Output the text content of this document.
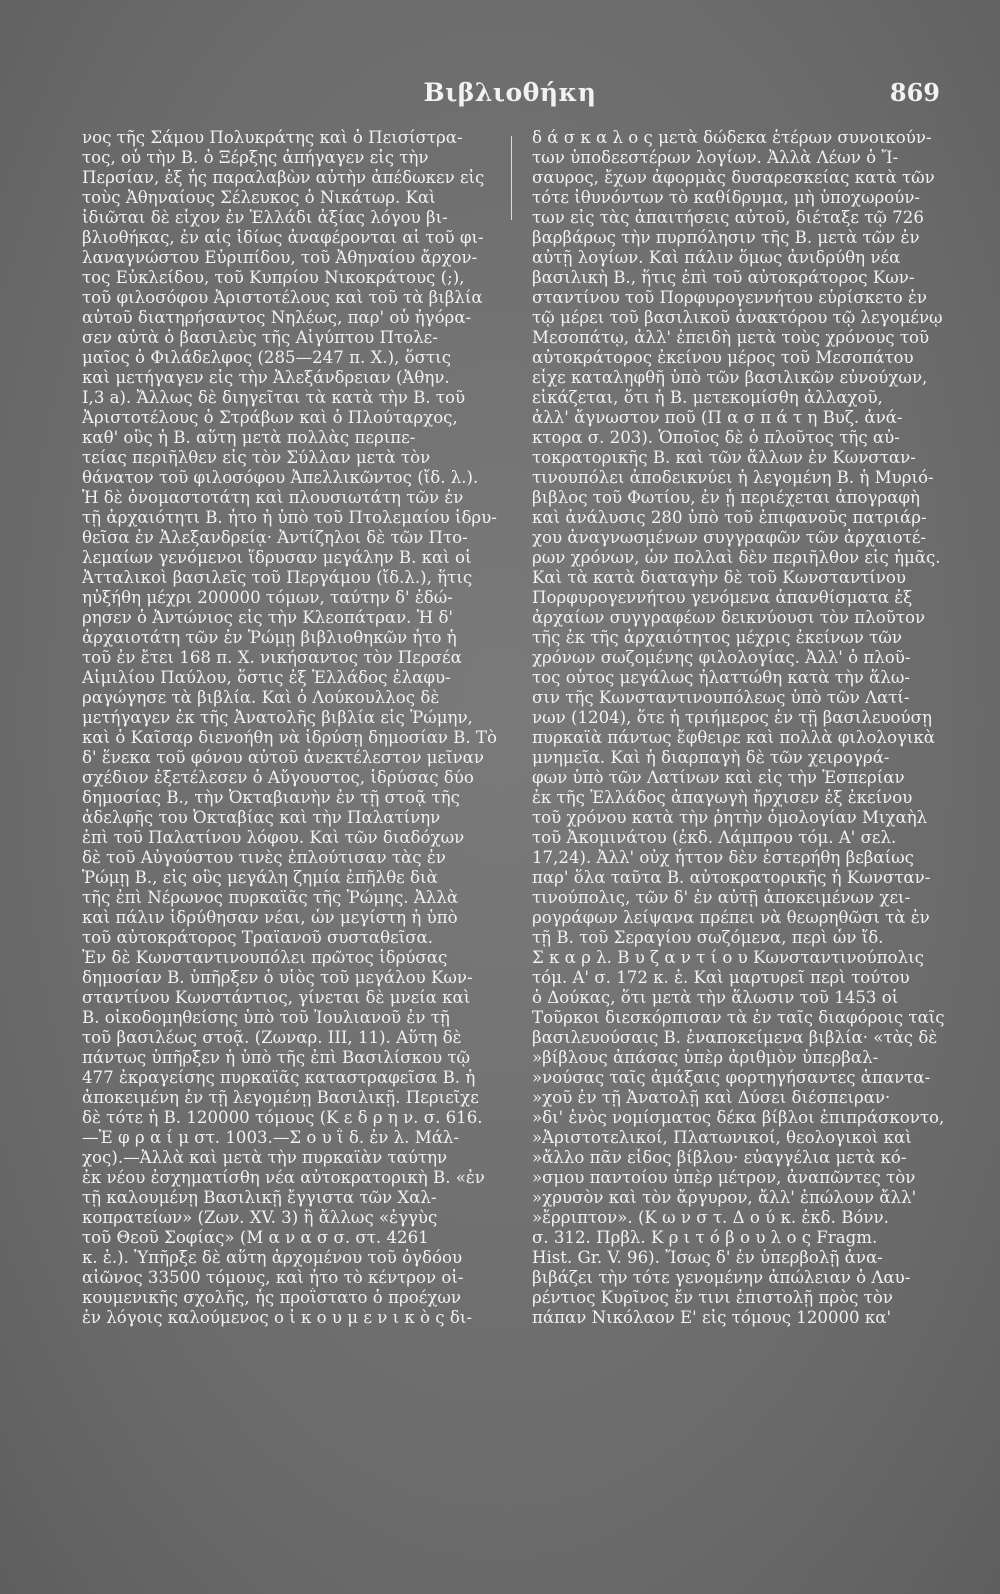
Βιβλιοθήκη	869
νος τῆς Σάμου Πολυκράτης καὶ ὁ Πεισίστρα-
τος, οὗ τὴν Β. ὁ Ξέρξης ἀπήγαγεν εἰς τὴν
Περσίαν, ἐξ ἧς παραλαβὼν αὐτὴν ἀπέδωκεν εἰς
τοὺς Ἀθηναίους Σέλευκος ὁ Νικάτωρ. Καὶ
ἰδιῶται δὲ εἶχον ἐν Ἑλλάδι ἀξίας λόγου βι-
βλιοθήκας, ἐν αἷς ἰδίως ἀναφέρονται αἱ τοῦ φι-
λαναγνώστου Εὐριπίδου, τοῦ Ἀθηναίου ἄρχον-
τος Εὐκλείδου, τοῦ Κυπρίου Νικοκράτους (;),
τοῦ φιλοσόφου Ἀριστοτέλους καὶ τοῦ τὰ βιβλία
αὐτοῦ διατηρήσαντος Νηλέως, παρ' οὗ ἠγόρα-
σεν αὐτὰ ὁ βασιλεὺς τῆς Αἰγύπτου Πτολε-
μαῖος ὁ Φιλάδελφος (285—247 π. Χ.), ὅστις
καὶ μετήγαγεν εἰς τὴν Ἀλεξάνδρειαν (Ἀθην.
Ι,3 a). Ἄλλως δὲ διηγεῖται τὰ κατὰ τὴν Β. τοῦ
Ἀριστοτέλους ὁ Στράβων καὶ ὁ Πλούταρχος,
καθ' οὓς ἡ Β. αὕτη μετὰ πολλὰς περιπε-
τείας περιῆλθεν εἰς τὸν Σύλλαν μετὰ τὸν
θάνατον τοῦ φιλοσόφου Ἀπελλικῶντος (ἴδ. λ.).
Ἡ δὲ ὀνομαστοτάτη καὶ πλουσιωτάτη τῶν ἐν
τῇ ἀρχαιότητι Β. ἦτο ἡ ὑπὸ τοῦ Πτολεμαίου ἱδρυ-
θεῖσα ἐν Ἀλεξανδρείᾳ· Ἀντίζηλοι δὲ τῶν Πτο-
λεμαίων γενόμενοι ἵδρυσαν μεγάλην Β. καὶ οἱ
Ἀτταλικοὶ βασιλεῖς τοῦ Περγάμου (ἴδ.λ.), ἥτις
ηὐξήθη μέχρι 200000 τόμων, ταύτην δ' ἐδώ-
ρησεν ὁ Ἀντώνιος εἰς τὴν Κλεοπάτραν. Ἡ δ'
ἀρχαιοτάτη τῶν ἐν Ῥώμῃ βιβλιοθηκῶν ἦτο ἡ
τοῦ ἐν ἔτει 168 π. Χ. νικήσαντος τὸν Περσέα
Αἰμιλίου Παύλου, ὅστις ἐξ Ἑλλάδος ἐλαφυ-
ραγώγησε τὰ βιβλία. Καὶ ὁ Λούκουλλος δὲ
μετήγαγεν ἐκ τῆς Ἀνατολῆς βιβλία εἰς Ῥώμην,
καὶ ὁ Καῖσαρ διενοήθη νὰ ἱδρύσῃ δημοσίαν Β. Τὸ
δ' ἕνεκα τοῦ φόνου αὐτοῦ ἀνεκτέλεστον μεῖναν
σχέδιον ἐξετέλεσεν ὁ Αὔγουστος, ἱδρύσας δύο
δημοσίας Β., τὴν Ὀκταβιανὴν ἐν τῇ στοᾷ τῆς
ἀδελφῆς του Ὀκταβίας καὶ τὴν Παλατίνην
ἐπὶ τοῦ Παλατίνου λόφου. Καὶ τῶν διαδόχων
δὲ τοῦ Αὐγούστου τινὲς ἐπλούτισαν τὰς ἐν
Ῥώμῃ Β., εἰς οὓς μεγάλη ζημία ἐπῆλθε διὰ
τῆς ἐπὶ Νέρωνος πυρκαϊᾶς τῆς Ῥώμης. Ἀλλὰ
καὶ πάλιν ἱδρύθησαν νέαι, ὧν μεγίστη ἡ ὑπὸ
τοῦ αὐτοκράτορος Τραϊανοῦ συσταθεῖσα.
Ἐν δὲ Κωνσταντινουπόλει πρῶτος ἱδρύσας
δημοσίαν Β. ὑπῆρξεν ὁ υἱὸς τοῦ μεγάλου Κων-
σταντίνου Κωνστάντιος, γίνεται δὲ μνεία καὶ
Β. οἰκοδομηθείσης ὑπὸ τοῦ Ἰουλιανοῦ ἐν τῇ
τοῦ βασιλέως στοᾷ. (Ζωναρ. III, 11). Αὕτη δὲ
πάντως ὑπῆρξεν ἡ ὑπὸ τῆς ἐπὶ Βασιλίσκου τῷ
477 ἐκραγείσης πυρκαϊᾶς καταστραφεῖσα Β. ἡ
ἀποκειμένη ἐν τῇ λεγομένῃ Βασιλικῇ. Περιεῖχε
δὲ τότε ἡ Β. 120000 τόμους (Κ ε δ ρ η ν. σ. 616.
—Ἐ φ ρ α ί μ στ. 1003.—Σ ο υ ΐ δ. ἐν λ. Μάλ-
χος).—Ἀλλὰ καὶ μετὰ τὴν πυρκαϊὰν ταύτην
ἐκ νέου ἐσχηματίσθη νέα αὐτοκρατορικὴ Β. «ἐν
τῇ καλουμένῃ Βασιλικῇ ἔγγιστα τῶν Χαλ-
κοπρατείων» (Ζων. XV. 3) ἢ ἄλλως «ἐγγὺς
τοῦ Θεοῦ Σοφίας» (Μ α ν α σ σ. στ. 4261
κ. ἑ.). Ὑπῆρξε δὲ αὕτη ἀρχομένου τοῦ ὀγδόου
αἰῶνος 33500 τόμους, καὶ ἦτο τὸ κέντρον οἰ-
κουμενικῆς σχολῆς, ἧς προΐστατο ὁ προέχων
ἐν λόγοις καλούμενος ο ἰ κ ο υ μ ε ν ι κ ὸ ς δι-
δ ά σ κ α λ ο ς μετὰ δώδεκα ἑτέρων συνοικούν-
των ὑποδεεστέρων λογίων. Ἀλλὰ Λέων ὁ Ἴ-
σαυρος, ἔχων ἀφορμὰς δυσαρεσκείας κατὰ τῶν
τότε ἰθυνόντων τὸ καθίδρυμα, μὴ ὑποχωρούν-
των εἰς τὰς ἀπαιτήσεις αὐτοῦ, διέταξε τῷ 726
βαρβάρως τὴν πυρπόλησιν τῆς Β. μετὰ τῶν ἐν
αὐτῇ λογίων. Καὶ πάλιν ὅμως ἀνιδρύθη νέα
βασιλικὴ Β., ἥτις ἐπὶ τοῦ αὐτοκράτορος Κων-
σταντίνου τοῦ Πορφυρογεννήτου εὑρίσκετο ἐν
τῷ μέρει τοῦ βασιλικοῦ ἀνακτόρου τῷ λεγομένῳ
Μεσοπάτῳ, ἀλλ' ἐπειδὴ μετὰ τοὺς χρόνους τοῦ
αὐτοκράτορος ἐκείνου μέρος τοῦ Μεσοπάτου
εἶχε καταληφθῆ ὑπὸ τῶν βασιλικῶν εὐνούχων,
εἰκάζεται, ὅτι ἡ Β. μετεκομίσθη ἀλλαχοῦ,
ἀλλ' ἄγνωστον ποῦ (Π α σ π ά τ η Βυζ. ἀνά-
κτορα σ. 203). Ὁποῖος δὲ ὁ πλοῦτος τῆς αὐ-
τοκρατορικῆς Β. καὶ τῶν ἄλλων ἐν Κωνσταν-
τινουπόλει ἀποδεικνύει ἡ λεγομένη Β. ἡ Μυριό-
βιβλος τοῦ Φωτίου, ἐν ᾗ περιέχεται ἀπογραφὴ
καὶ ἀνάλυσις 280 ὑπὸ τοῦ ἐπιφανοῦς πατριάρ-
χου ἀναγνωσμένων συγγραφῶν τῶν ἀρχαιοτέ-
ρων χρόνων, ὧν πολλαὶ δὲν περιῆλθον εἰς ἡμᾶς.
Καὶ τὰ κατὰ διαταγὴν δὲ τοῦ Κωνσταντίνου
Πορφυρογεννήτου γενόμενα ἀπανθίσματα ἐξ
ἀρχαίων συγγραφέων δεικνύουσι τὸν πλοῦτον
τῆς ἐκ τῆς ἀρχαιότητος μέχρις ἐκείνων τῶν
χρόνων σωζομένης φιλολογίας. Ἀλλ' ὁ πλοῦ-
τος οὗτος μεγάλως ἠλαττώθη κατὰ τὴν ἅλω-
σιν τῆς Κωνσταντινουπόλεως ὑπὸ τῶν Λατί-
νων (1204), ὅτε ἡ τριήμερος ἐν τῇ βασιλευούσῃ
πυρκαϊὰ πάντως ἔφθειρε καὶ πολλὰ φιλολογικὰ
μνημεῖα. Καὶ ἡ διαρπαγὴ δὲ τῶν χειρογρά-
φων ὑπὸ τῶν Λατίνων καὶ εἰς τὴν Ἑσπερίαν
ἐκ τῆς Ἑλλάδος ἀπαγωγὴ ἤρχισεν ἐξ ἐκείνου
τοῦ χρόνου κατὰ τὴν ῥητὴν ὁμολογίαν Μιχαὴλ
τοῦ Ἀκομινάτου (ἐκδ. Λάμπρου τόμ. Α' σελ.
17,24). Ἀλλ' οὐχ ἧττον δὲν ἐστερήθη βεβαίως
παρ' ὅλα ταῦτα Β. αὐτοκρατορικῆς ἡ Κωνσταν-
τινούπολις, τῶν δ' ἐν αὐτῇ ἀποκειμένων χει-
ρογράφων λείψανα πρέπει νὰ θεωρηθῶσι τὰ ἐν
τῇ Β. τοῦ Σεραγίου σωζόμενα, περὶ ὧν ἴδ.
Σ κ α ρ λ. Β υ ζ α ν τ ί ο υ Κωνσταντινούπολις
τόμ. Α' σ. 172 κ. ἑ. Καὶ μαρτυρεῖ περὶ τούτου
ὁ Δούκας, ὅτι μετὰ τὴν ἅλωσιν τοῦ 1453 οἱ
Τοῦρκοι διεσκόρπισαν τὰ ἐν ταῖς διαφόροις ταῖς
βασιλευούσαις Β. ἐναποκείμενα βιβλία· «τὰς δὲ
»βίβλους ἀπάσας ὑπὲρ ἀριθμὸν ὑπερβαλ-
»νούσας ταῖς ἁμάξαις φορτηγήσαντες ἁπαντα-
»χοῦ ἐν τῇ Ἀνατολῇ καὶ Δύσει διέσπειραν·
»δι' ἑνὸς νομίσματος δέκα βίβλοι ἐπιπράσκοντο,
»Ἀριστοτελικοί, Πλατωνικοί, θεολογικοὶ καὶ
»ἄλλο πᾶν εἶδος βίβλου· εὐαγγέλια μετὰ κό-
»σμου παντοίου ὑπὲρ μέτρον, ἀναπῶντες τὸν
»χρυσὸν καὶ τὸν ἄργυρον, ἄλλ' ἐπώλουν ἄλλ'
»ἔρριπτον». (Κ ω ν σ τ. Δ ο ύ κ. ἐκδ. Βόνν.
σ. 312. Πρβλ. Κ ρ ι τ ό β ο υ λ ο ς Fragm.
Hist. Gr. V. 96). Ἴσως δ' ἐν ὑπερβολῇ ἀνα-
βιβάζει τὴν τότε γενομένην ἀπώλειαν ὁ Λαυ-
ρέντιος Κυρῖνος ἔν τινι ἐπιστολῇ πρὸς τὸν
πάπαν Νικόλαον Ε' εἰς τόμους 120000 κα'
